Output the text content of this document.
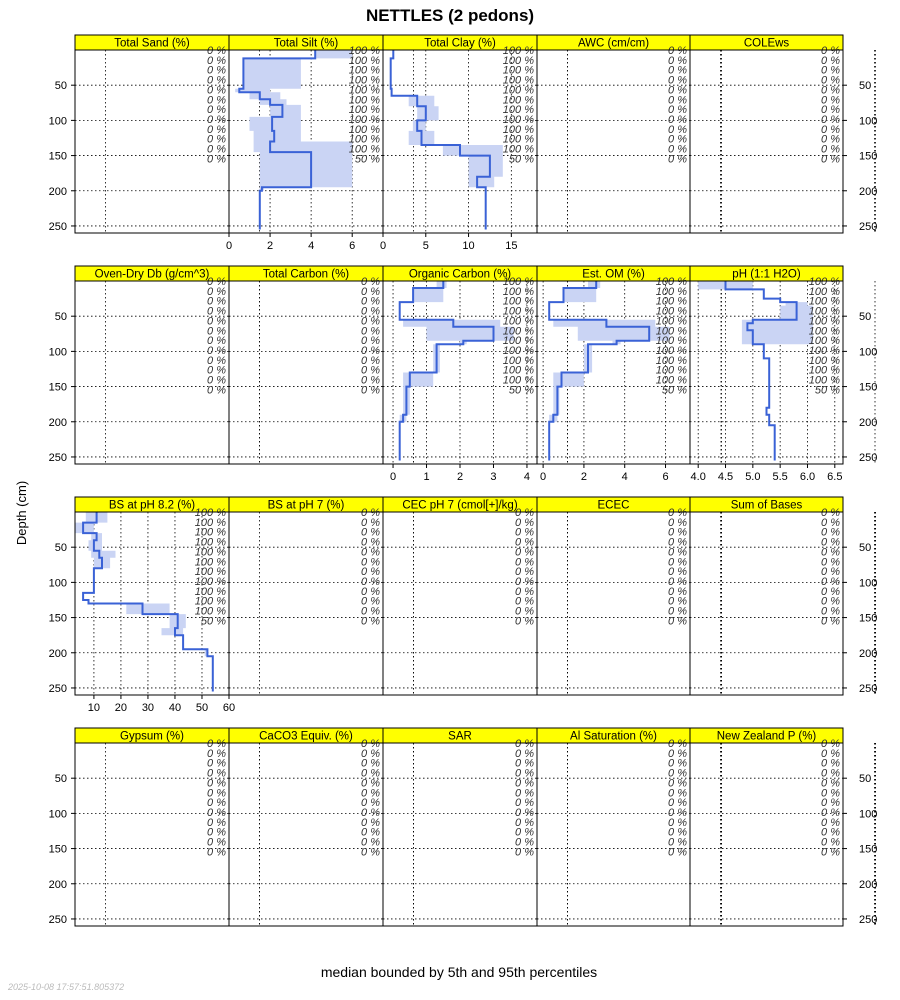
NETTLES (2 pedons)
Depth (cm)
median bounded by 5th and 95th percentiles
2025-10-08 17:57:51.805372
Total Sand (%)
0 %
0 %
0 %
0 %
0 %
0 %
0 %
0 %
0 %
0 %
0 %
0 %
50
100
150
200
250
Total Silt (%)
0	2	4	6
100 %
100 %
100 %
100 %
100 %
100 %
100 %
100 %
100 %
100 %
100 %
50 %
Total Clay (%)
0	5	10	15
100 %
100 %
100 %
100 %
100 %
100 %
100 %
100 %
100 %
100 %
100 %
50 %
AWC (cm/cm)
0 %
0 %
0 %
0 %
0 %
0 %
0 %
0 %
0 %
0 %
0 %
0 %
COLEws
0 %
0 %
0 %
0 %
0 %
0 %
0 %
0 %
0 %
0 %
0 %
0 %
50
100
150
200
250
Oven-Dry Db (g/cm^3)
0 %
0 %
0 %
0 %
0 %
0 %
0 %
0 %
0 %
0 %
0 %
0 %
50
100
150
200
250
Total Carbon (%)
0 %
0 %
0 %
0 %
0 %
0 %
0 %
0 %
0 %
0 %
0 %
0 %
Organic Carbon (%)
0 1 2 3 4
100 %
100 %
100 %
100 %
100 %
100 %
100 %
100 %
100 %
100 %
100 %
50 %
Est. OM (%)
0	2	4	6
100 %
100 %
100 %
100 %
100 %
100 %
100 %
100 %
100 %
100 %
100 %
50 %
pH (1:1 H2O)
4.0 4.5 5.0 5.5 6.0 6.5
100 %
100 %
100 %
100 %
100 %
100 %
100 %
100 %
100 %
100 %
100 %
50 %
50
100
150
200
250
BS at pH 8.2 (%)
10 20 30 40 50 60
100 %
100 %
100 %
100 %
100 %
100 %
100 %
100 %
100 %
100 %
100 %
50 %
50
100
150
200
250
BS at pH 7 (%)
0 %
0 %
0 %
0 %
0 %
0 %
0 %
0 %
0 %
0 %
0 %
0 %
CEC pH 7 (cmol[+]/kg)
0 %
0 %
0 %
0 %
0 %
0 %
0 %
0 %
0 %
0 %
0 %
0 %
ECEC
0 %
0 %
0 %
0 %
0 %
0 %
0 %
0 %
0 %
0 %
0 %
0 %
Sum of Bases
0 %
0 %
0 %
0 %
0 %
0 %
0 %
0 %
0 %
0 %
0 %
0 %
50
100
150
200
250
Gypsum (%)
0 %
0 %
0 %
0 %
0 %
0 %
0 %
0 %
0 %
0 %
0 %
0 %
50
100
150
200
250
CaCO3 Equiv. (%)
0 %
0 %
0 %
0 %
0 %
0 %
0 %
0 %
0 %
0 %
0 %
0 %
SAR
0 %
0 %
0 %
0 %
0 %
0 %
0 %
0 %
0 %
0 %
0 %
0 %
Al Saturation (%)
0 %
0 %
0 %
0 %
0 %
0 %
0 %
0 %
0 %
0 %
0 %
0 %
New Zealand P (%)
0 %
0 %
0 %
0 %
0 %
0 %
0 %
0 %
0 %
0 %
0 %
0 %
50
100
150
200
250
